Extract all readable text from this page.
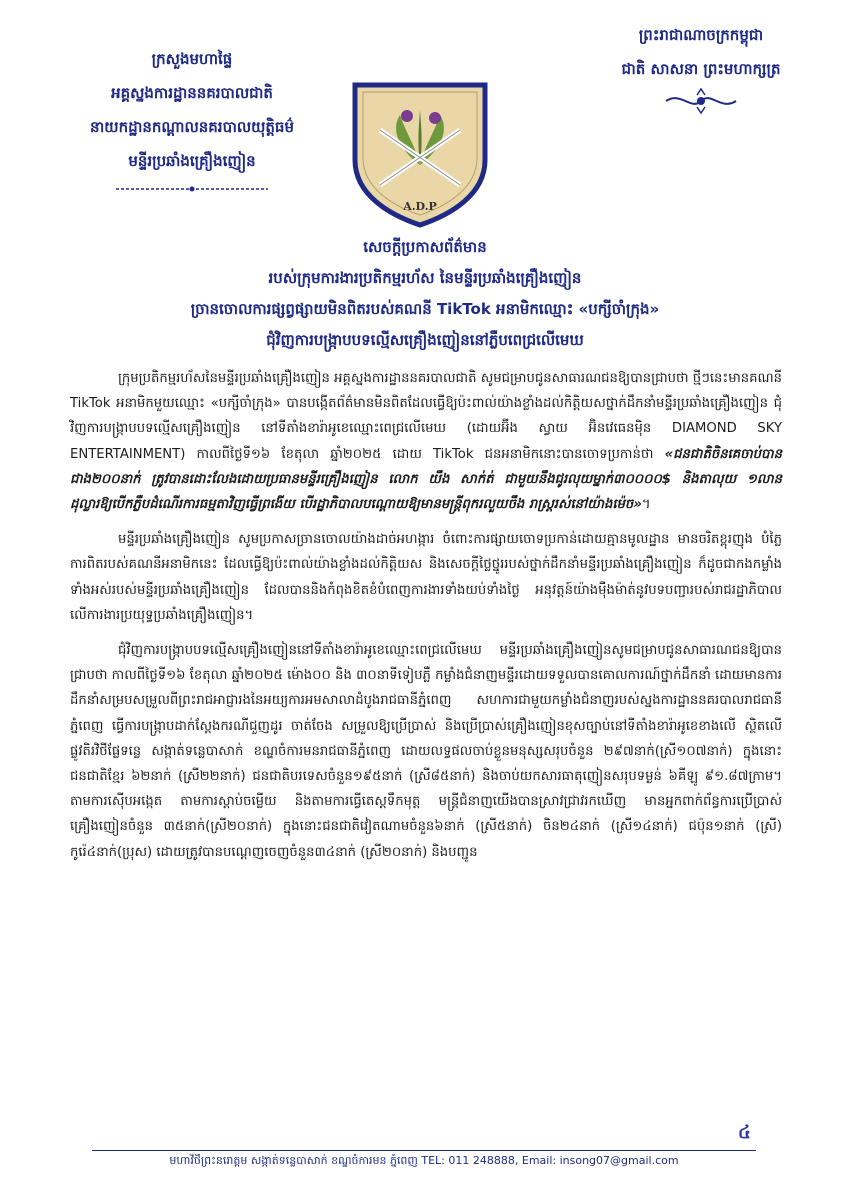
ក្រសួងមហាផ្ទៃ
អគ្គស្នងការដ្ឋាននគរបាលជាតិ
នាយកដ្ឋានកណ្តាលនគរបាលយុត្តិធម៌
មន្ទីរប្រឆាំងគ្រឿងញៀន
ព្រះរាជាណាចក្រកម្ពុជា
ជាតិ សាសនា ព្រះមហាក្សត្រ
A.D.P
សេចក្តីប្រកាសព័ត៌មាន
របស់ក្រុមការងារប្រតិកម្មរហ័ស នៃមន្ទីរប្រឆាំងគ្រឿងញៀន
ច្រានចោលការផ្សព្វផ្សាយមិនពិតរបស់គណនី TikTok អនាមិកឈ្មោះ «បក្សីចាំក្រុង»
ជុំវិញការបង្ក្រាបបទល្មើសគ្រឿងញៀននៅភ្លឺបពេជ្រលើមេឃ

ក្រុមប្រតិកម្មរហ័សនៃមន្ទីរប្រឆាំងគ្រឿងញៀន អគ្គស្នងការដ្ឋាននគរបាលជាតិ សូមជម្រាបជូនសាធារណជនឱ្យបានជ្រាបថា ថ្មីៗនេះមានគណនី TikTok អនាមិកមួយឈ្មោះ «បក្សីចាំក្រុង» បានបង្កើតព័ត៌មានមិនពិតដែលធ្វើឱ្យប៉ះពាល់យ៉ាងខ្លាំងដល់កិត្តិយសថ្នាក់ដឹកនាំមន្ទីរប្រឆាំងគ្រឿងញៀន ជុំវិញការបង្ក្រាបបទល្មើសគ្រឿងញៀន នៅទីតាំងខារ៉ាអូខេឈ្មោះពេជ្រលើមេឃ (ដោយអ៊ីង ស្វាយ អ៊ិនវេធេនម៉ិន DIAMOND SKY ENTERTAINMENT) កាលពីថ្ងៃទី១៦ ខែតុលា ឆ្នាំ២០២៥ ដោយ TikTok ជនអនាមិកនោះបានចោទប្រកាន់ថា «ជនជាតិចិនគេចាប់បានជាង២០០នាក់ ត្រូវបានដោះលែងដោយប្រធានមន្ទីរគ្រឿងញៀន លោក យឹង សាក់ត់ ជាមួយនឹងជូរលុយម្នាក់៣០០០០$ និងតាលុយ ១លានដុល្លារឱ្យបើកភ្លឺបដំណើរការធម្មតាវិញធ្វើព្រងើយ បើរដ្ឋាភិបាលបណ្តោយឱ្យមានមន្ត្រីពុករលួយចឹង រាស្ត្ររស់នៅយ៉ាងម៉េច»។

មន្ទីរប្រឆាំងគ្រឿងញៀន សូមប្រកាសច្រានចោលយ៉ាងដាច់អហង្ការ ចំពោះការផ្សាយចោទប្រកាន់ដោយគ្មានមូលដ្ឋាន មានចរិតខ្ពុរញុង បំភ្លៃការពិតរបស់គណនីអនាមិកនេះ ដែលធ្វើឱ្យប៉ះពាល់យ៉ាងខ្លាំងដល់កិត្តិយស និងសេចក្តីថ្លៃថ្នូររបស់ថ្នាក់ដឹកនាំមន្ទីរប្រឆាំងគ្រឿងញៀន ក៏ដូចជាកងកម្លាំងទាំងអស់របស់មន្ទីរប្រឆាំងគ្រឿងញៀន ដែលបាននិងកំពុងខិតខំបំពេញការងារទាំងយប់ទាំងថ្ងៃ អនុវត្តន៍យ៉ាងម៉ឺងម៉ាត់នូវបទបញ្ជារបស់រាជរដ្ឋាភិបាល លើការងារប្រយុទ្ធប្រឆាំងគ្រឿងញៀន។

ជុំវិញការបង្ក្រាបបទល្មើសគ្រឿងញៀននៅទីតាំងខារ៉ាអូខេឈ្មោះពេជ្រលើមេឃ មន្ទីរប្រឆាំងគ្រឿងញៀនសូមជម្រាបជូនសាធារណជនឱ្យបានជ្រាបថា កាលពីថ្ងៃទី១៦ ខែតុលា ឆ្នាំ២០២៥ ម៉ោង០០ និង ៣០នាទីទៀបភ្លឺ កម្លាំងជំនាញមន្ទីរដោយទទួលបានគោលការណ៍ថ្នាក់ដឹកនាំ ដោយមានការដឹកនាំសម្របសម្រួលពីព្រះរាជអាជ្ញារងនៃអយ្យការអមសាលាដំបូងរាជធានីភ្នំពេញ សហការជាមួយកម្លាំងជំនាញរបស់ស្នងការដ្ឋាននគរបាលរាជធានីភ្នំពេញ ធ្វើការបង្ក្រាបដាក់ស្តែងករណីជួញដូរ ចាត់ចែង សម្រួលឱ្យប្រើប្រាស់ និងប្រើប្រាស់គ្រឿងញៀនខុសច្បាប់នៅទីតាំងខារ៉ាអូខេខាងលើ ស្ថិតលើផ្លូវតិរវិថីផ្លែទន្លេ សង្កាត់ទន្លេបាសាក់ ខណ្ឌចំការមនរាជធានីភ្នំពេញ ដោយលទ្ធផលចាប់ខ្លួនមនុស្សសរុបចំនួន ២៩៧នាក់(ស្រី១០៧នាក់) ក្នុងនោះជនជាតិខ្មែរ ៦២នាក់ (ស្រី២២នាក់) ជនជាតិបរទេសចំនួន១៩៥នាក់ (ស្រី៨៥នាក់) និងចាប់យកសារធាតុញៀនសរុបទម្ងន់ ៦គីឡូ ៩១.៨៧ក្រាម។ តាមការស៊ើបអង្កេត តាមការស្តាប់ចម្លើយ និងតាមការធ្វើតេស្តទឹកមុត្ត មន្ត្រីជំនាញយើងបានស្រាវជ្រាវរកឃើញ មានអ្នកពាក់ព័ន្ធការប្រើប្រាស់គ្រឿងញៀនចំនួន ៣៥នាក់(ស្រី២០នាក់) ក្នុងនោះជនជាតិវៀតណាមចំនួន៦នាក់ (ស្រី៥នាក់) ចិន២៤នាក់ (ស្រី១៤នាក់) ជប៉ុន១នាក់ (ស្រី) កូរ៉េ៤នាក់(ប្រុស) ដោយត្រូវបានបណ្តេញចេញចំនួន៣៤នាក់ (ស្រី២០នាក់) និងបញ្ជូន

៤
មហាវិថីព្រះនរោត្តម សង្កាត់ទន្លេបាសាក់ ខណ្ឌចំការមន ភ្នំពេញ TEL: 011 248888, Email: insong07@gmail.com
